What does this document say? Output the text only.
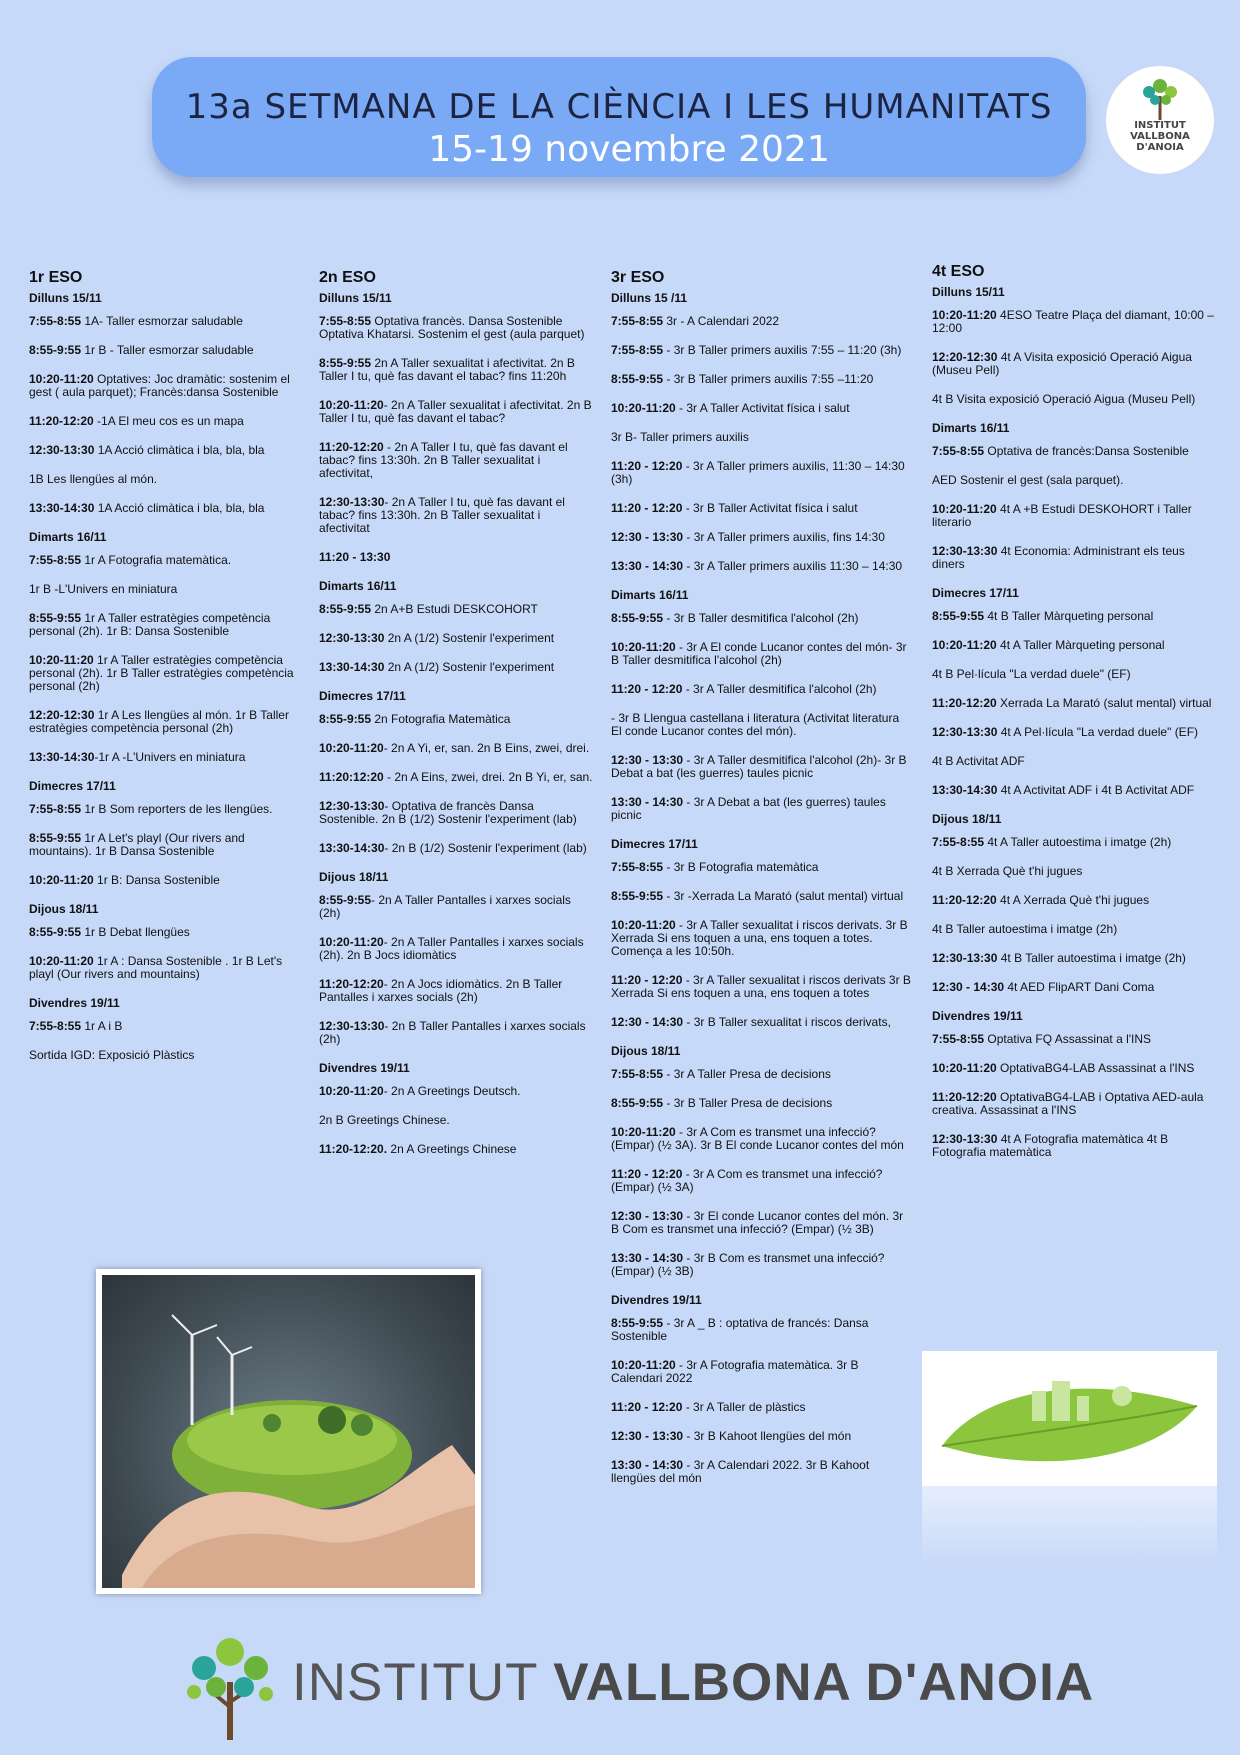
13a SETMANA DE LA CIÈNCIA I LES HUMANITATS
15-19 novembre 2021
INSTITUT
VALLBONA
D'ANOIA
1r ESO
Dilluns 15/11
7:55-8:55 1A- Taller esmorzar saludable
8:55-9:55 1r B - Taller esmorzar saludable
10:20-11:20 Optatives: Joc dramàtic: sostenim el gest ( aula parquet); Francès:dansa Sostenible
11:20-12:20 -1A El meu cos es un mapa
12:30-13:30 1A Acció climàtica i bla, bla, bla
1B Les llengües al món.
13:30-14:30 1A Acció climàtica i bla, bla, bla
Dimarts 16/11
7:55-8:55 1r A Fotografia matemàtica.
1r B -L'Univers en miniatura
8:55-9:55 1r A Taller estratègies competència personal (2h). 1r B: Dansa Sostenible
10:20-11:20 1r A Taller estratègies competència personal (2h). 1r B Taller estratègies competència personal (2h)
12:20-12:30 1r A Les llengües al món. 1r B Taller estratègies competència personal (2h)
13:30-14:30-1r A -L'Univers en miniatura
Dimecres 17/11
7:55-8:55 1r B Som reporters de les llengües.
8:55-9:55 1r A Let's playl (Our rivers and mountains). 1r B Dansa Sostenible
10:20-11:20 1r B: Dansa Sostenible
Dijous 18/11
8:55-9:55 1r B Debat llengües
10:20-11:20 1r A : Dansa Sostenible . 1r B Let's playl (Our rivers and mountains)
Divendres 19/11
7:55-8:55 1r A i B
Sortida IGD: Exposició Plàstics
2n ESO
Dilluns 15/11
7:55-8:55 Optativa francès. Dansa Sostenible Optativa Khatarsi. Sostenim el gest (aula parquet)
8:55-9:55 2n A Taller sexualitat i afectivitat. 2n B Taller I tu, què fas davant el tabac? fins 11:20h
10:20-11:20- 2n A Taller sexualitat i afectivitat. 2n B Taller I tu, què fas davant el tabac?
11:20-12:20 - 2n A Taller I tu, què fas davant el tabac? fins 13:30h. 2n B Taller sexualitat i afectivitat,
12:30-13:30- 2n A Taller I tu, què fas davant el tabac? fins 13:30h. 2n B Taller sexualitat i afectivitat
11:20 - 13:30
Dimarts 16/11
8:55-9:55 2n A+B Estudi DESKCOHORT
12:30-13:30 2n A (1/2) Sostenir l'experiment
13:30-14:30 2n A (1/2) Sostenir l'experiment
Dimecres 17/11
8:55-9:55 2n Fotografia Matemàtica
10:20-11:20- 2n A Yi, er, san. 2n B Eins, zwei, drei.
11:20:12:20 - 2n A Eins, zwei, drei. 2n B Yi, er, san.
12:30-13:30- Optativa de francès Dansa Sostenible. 2n B (1/2) Sostenir l'experiment (lab)
13:30-14:30- 2n B (1/2) Sostenir l'experiment (lab)
Dijous 18/11
8:55-9:55- 2n A Taller Pantalles i xarxes socials (2h)
10:20-11:20- 2n A Taller Pantalles i xarxes socials (2h). 2n B Jocs idiomàtics
11:20-12:20- 2n A Jocs idiomàtics. 2n B Taller Pantalles i xarxes socials (2h)
12:30-13:30- 2n B Taller Pantalles i xarxes socials (2h)
Divendres 19/11
10:20-11:20- 2n A Greetings Deutsch.
2n B Greetings Chinese.
11:20-12:20. 2n A Greetings Chinese
3r ESO
Dilluns 15 /11
7:55-8:55 3r - A Calendari 2022
7:55-8:55 - 3r B Taller primers auxilis 7:55 – 11:20 (3h)
8:55-9:55 - 3r B Taller primers auxilis 7:55 –11:20
10:20-11:20 - 3r A Taller Activitat física i salut
3r B- Taller primers auxilis
11:20 - 12:20 - 3r A Taller primers auxilis, 11:30 – 14:30 (3h)
11:20 - 12:20 - 3r B Taller Activitat física i salut
12:30 - 13:30 - 3r A Taller primers auxilis, fins 14:30
13:30 - 14:30 - 3r A Taller primers auxilis 11:30 – 14:30
Dimarts 16/11
8:55-9:55 - 3r B Taller desmitifica l'alcohol (2h)
10:20-11:20 - 3r A El conde Lucanor contes del món- 3r B Taller desmitifica l'alcohol (2h)
11:20 - 12:20 - 3r A Taller desmitifica l'alcohol (2h)
- 3r B Llengua castellana i literatura (Activitat literatura El conde Lucanor contes del món).
12:30 - 13:30 - 3r A Taller desmitifica l'alcohol (2h)- 3r B Debat a bat (les guerres) taules picnic
13:30 - 14:30 - 3r A Debat a bat (les guerres) taules picnic
Dimecres 17/11
7:55-8:55 - 3r B Fotografia matemàtica
8:55-9:55 - 3r -Xerrada La Marató (salut mental) virtual
10:20-11:20 - 3r A Taller sexualitat i riscos derivats. 3r B Xerrada Si ens toquen a una, ens toquen a totes. Comença a les 10:50h.
11:20 - 12:20 - 3r A Taller sexualitat i riscos derivats 3r B Xerrada Si ens toquen a una, ens toquen a totes
12:30 - 14:30 - 3r B Taller sexualitat i riscos derivats,
Dijous 18/11
7:55-8:55 - 3r A Taller Presa de decisions
8:55-9:55 - 3r B Taller Presa de decisions
10:20-11:20 - 3r A Com es transmet una infecció? (Empar) (½ 3A). 3r B El conde Lucanor contes del món
11:20 - 12:20 - 3r A Com es transmet una infecció? (Empar) (½ 3A)
12:30 - 13:30 - 3r El conde Lucanor contes del món. 3r B Com es transmet una infecció? (Empar) (½ 3B)
13:30 - 14:30 - 3r B Com es transmet una infecció? (Empar) (½ 3B)
Divendres 19/11
8:55-9:55 - 3r A _ B : optativa de francés: Dansa Sostenible
10:20-11:20 - 3r A Fotografia matemàtica. 3r B Calendari 2022
11:20 - 12:20 - 3r A Taller de plàstics
12:30 - 13:30 - 3r B Kahoot llengües del món
13:30 - 14:30 - 3r A Calendari 2022. 3r B Kahoot llengües del món
4t ESO
Dilluns 15/11
10:20-11:20 4ESO Teatre Plaça del diamant, 10:00 – 12:00
12:20-12:30 4t A Visita exposició Operació Aigua (Museu Pell)
4t B Visita exposició Operació Aigua (Museu Pell)
Dimarts 16/11
7:55-8:55 Optativa de francès:Dansa Sostenible
AED Sostenir el gest (sala parquet).
10:20-11:20 4t A +B Estudi DESKOHORT i Taller literario
12:30-13:30 4t Economia: Administrant els teus diners
Dimecres 17/11
8:55-9:55 4t B Taller Màrqueting personal
10:20-11:20 4t A Taller Màrqueting personal
4t B Pel·lícula "La verdad duele" (EF)
11:20-12:20 Xerrada La Marató (salut mental) virtual
12:30-13:30 4t A Pel·lícula "La verdad duele" (EF)
4t B Activitat ADF
13:30-14:30 4t A Activitat ADF i 4t B Activitat ADF
Dijous 18/11
7:55-8:55 4t A Taller autoestima i imatge (2h)
4t B Xerrada Què t'hi jugues
11:20-12:20 4t A Xerrada Què t'hi jugues
4t B Taller autoestima i imatge (2h)
12:30-13:30 4t B Taller autoestima i imatge (2h)
12:30 - 14:30 4t AED FlipART Dani Coma
Divendres 19/11
7:55-8:55 Optativa FQ Assassinat a l'INS
10:20-11:20 OptativaBG4-LAB Assassinat a l'INS
11:20-12:20 OptativaBG4-LAB i Optativa AED-aula creativa. Assassinat a l'INS
12:30-13:30 4t A Fotografia matemàtica 4t B Fotografia matemàtica
INSTITUT VALLBONA D'ANOIA
